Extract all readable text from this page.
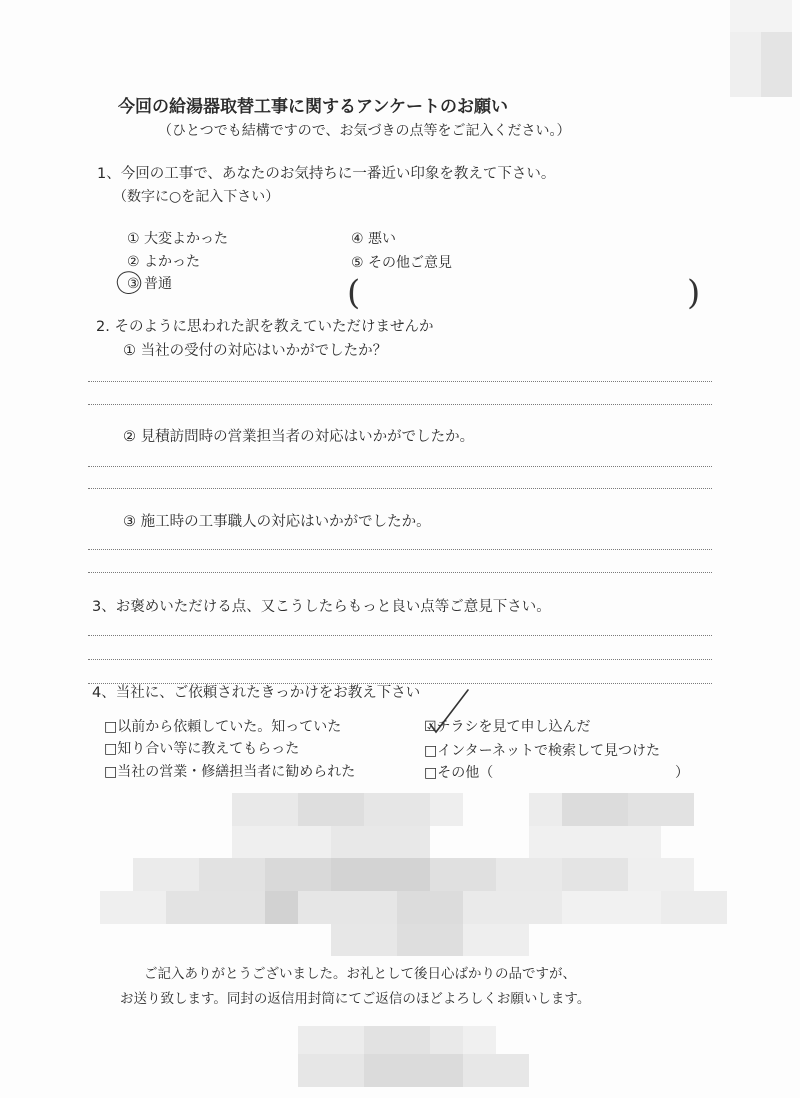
今回の給湯器取替工事に関するアンケートのお願い
（ひとつでも結構ですので、お気づきの点等をご記入ください。）
1、今回の工事で、あなたのお気持ちに一番近い印象を教えて下さい。
（数字に○を記入下さい）
① 大変よかった
② よかった
③ 普通
④ 悪い
⑤ その他ご意見
(	)
2. そのように思われた訳を教えていただけませんか
① 当社の受付の対応はいかがでしたか？
② 見積訪問時の営業担当者の対応はいかがでしたか。
③ 施工時の工事職人の対応はいかがでしたか。
3、お褒めいただける点、又こうしたらもっと良い点等ご意見下さい。
4、当社に、ご依頼されたきっかけをお教え下さい
□以前から依頼していた。知っていた
□知り合い等に教えてもらった
□当社の営業・修繕担当者に勧められた
☑チラシを見て申し込んだ
□インターネットで検索して見つけた
□その他（	）
ご記入ありがとうございました。お礼として後日心ばかりの品ですが、
お送り致します。同封の返信用封筒にてご返信のほどよろしくお願いします。
